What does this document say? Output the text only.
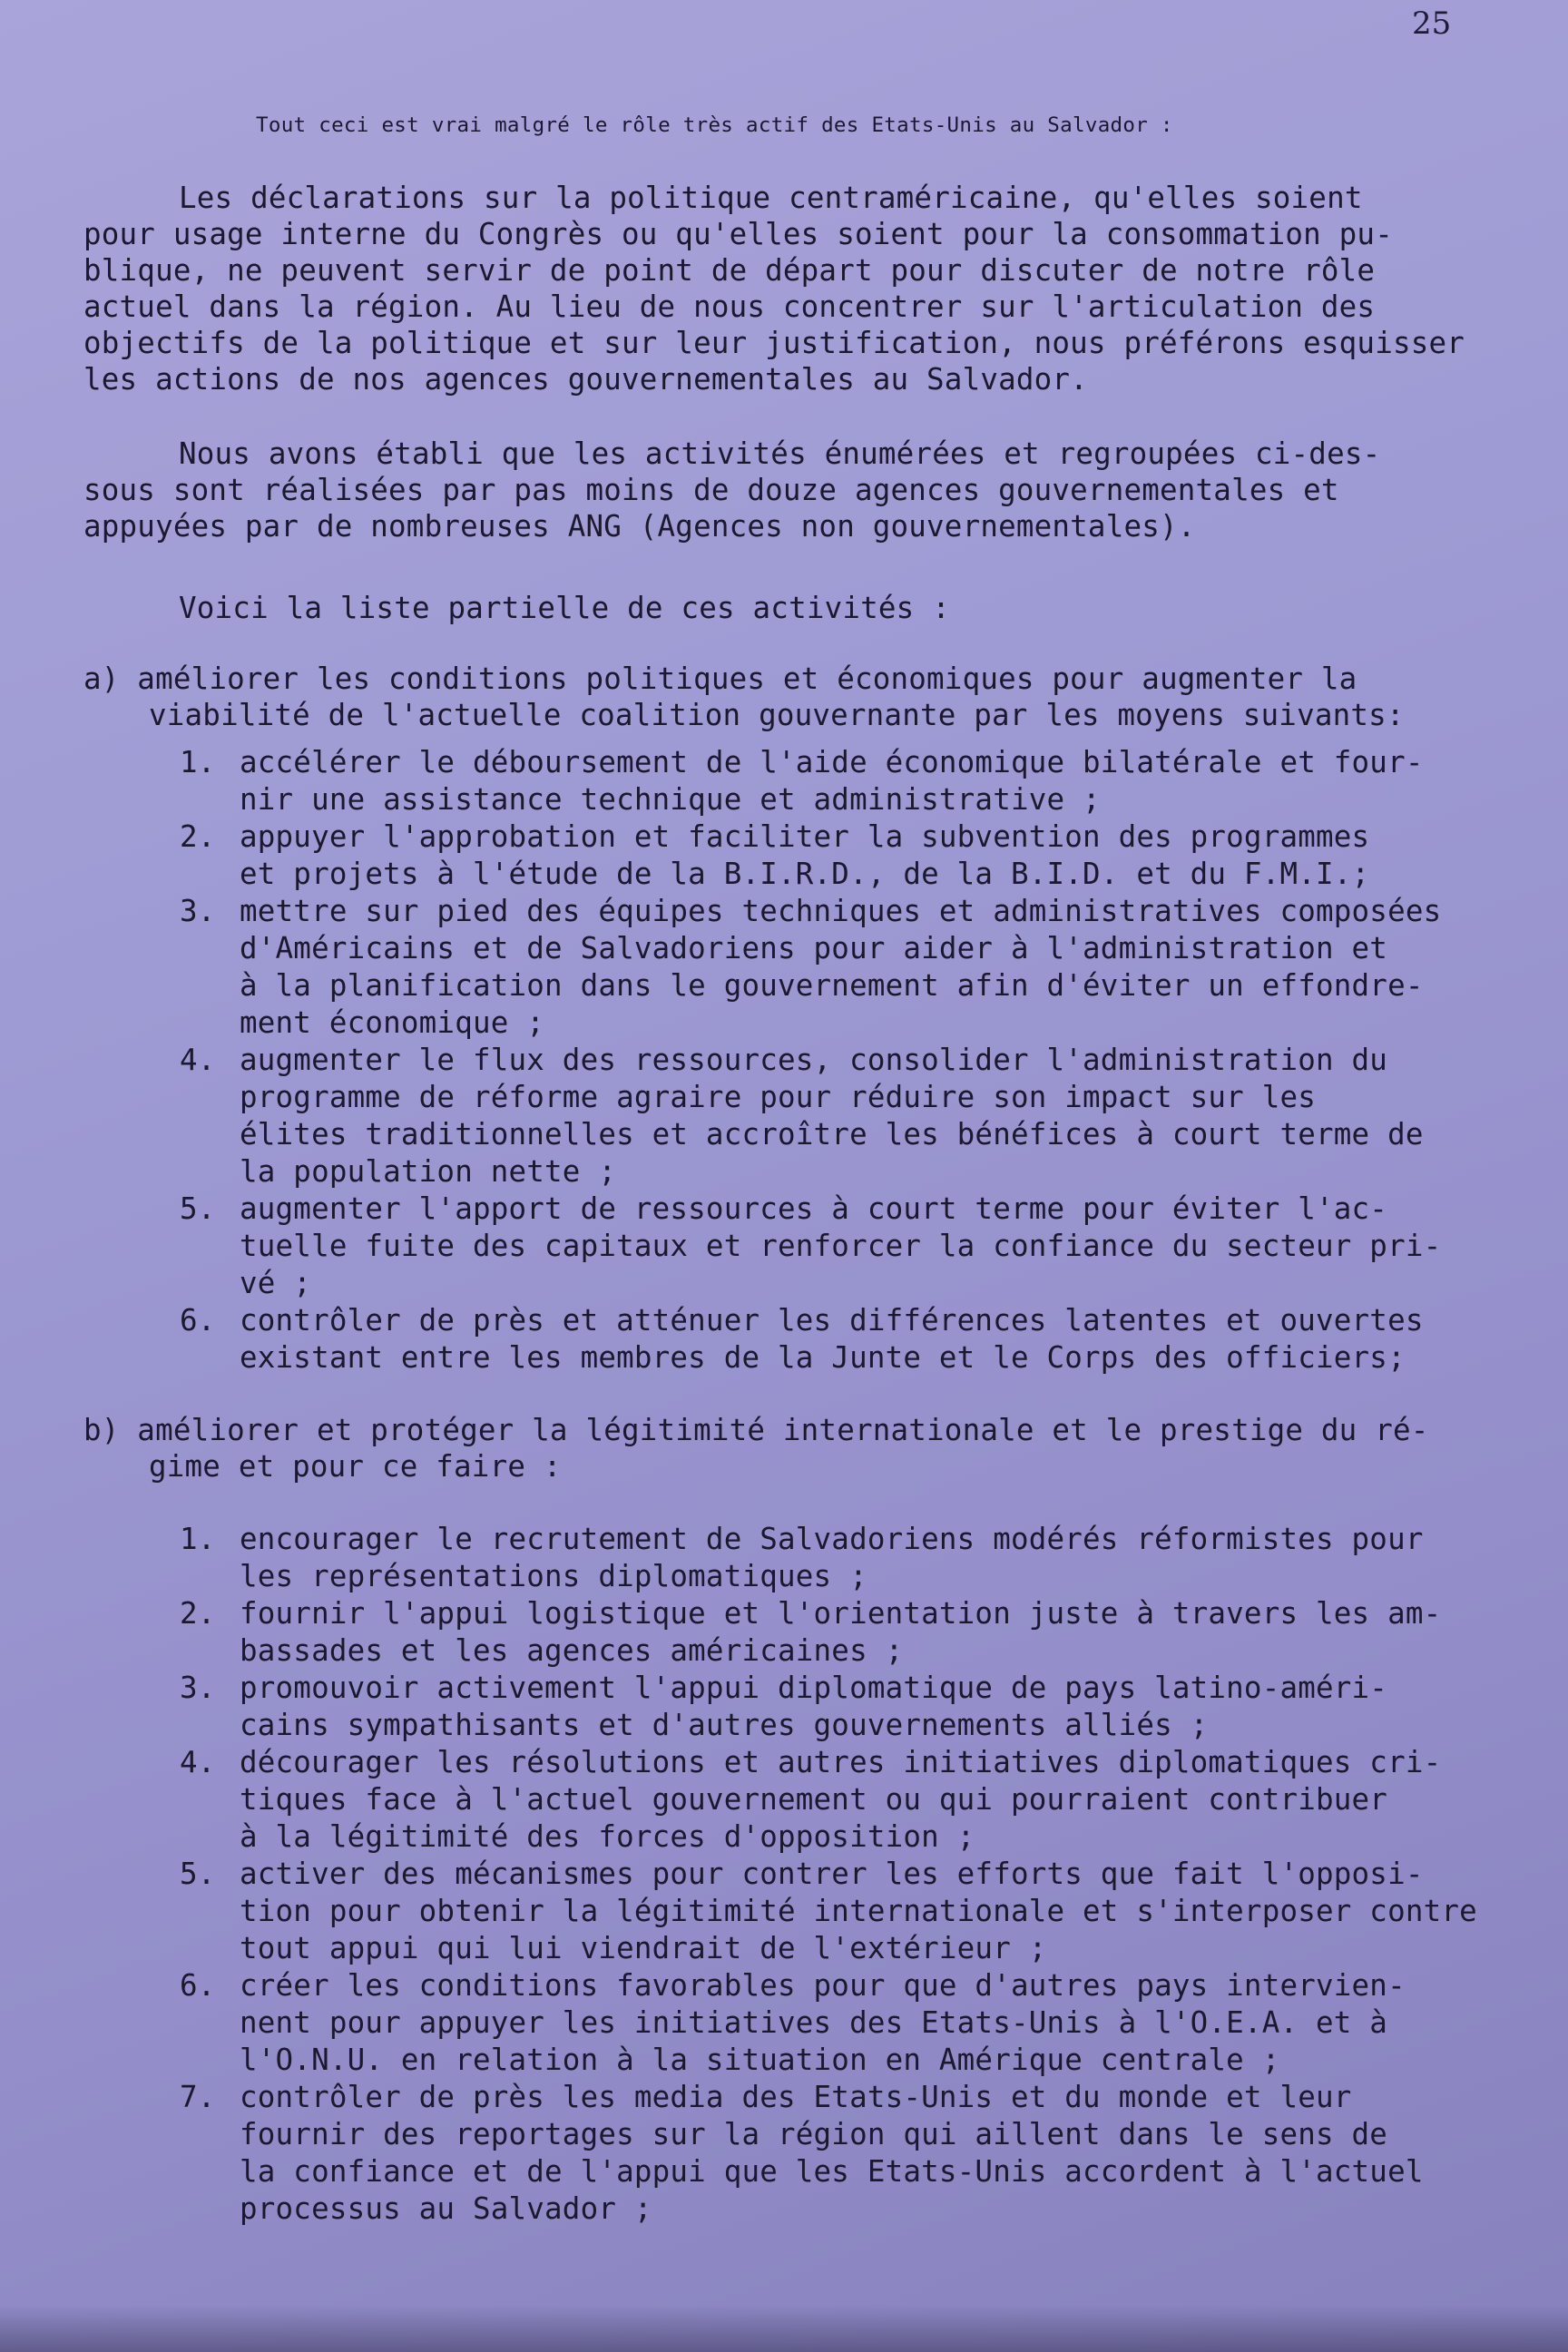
25
Tout ceci est vrai malgré le rôle très actif des Etats-Unis au Salvador :
Les déclarations sur la politique centraméricaine, qu'elles soient
pour usage interne du Congrès ou qu'elles soient pour la consommation pu-
blique, ne peuvent servir de point de départ pour discuter de notre rôle
actuel dans la région. Au lieu de nous concentrer sur l'articulation des
objectifs de la politique et sur leur justification, nous préférons esquisser
les actions de nos agences gouvernementales au Salvador.
Nous avons établi que les activités énumérées et regroupées ci-des-
sous sont réalisées par pas moins de douze agences gouvernementales et
appuyées par de nombreuses ANG (Agences non gouvernementales).
Voici la liste partielle de ces activités :
a) améliorer les conditions politiques et économiques pour augmenter la
viabilité de l'actuelle coalition gouvernante par les moyens suivants:
1. accélérer le déboursement de l'aide économique bilatérale et four-
nir une assistance technique et administrative ;
2. appuyer l'approbation et faciliter la subvention des programmes
et projets à l'étude de la B.I.R.D., de la B.I.D. et du F.M.I.;
3. mettre sur pied des équipes techniques et administratives composées
d'Américains et de Salvadoriens pour aider à l'administration et
à la planification dans le gouvernement afin d'éviter un effondre-
ment économique ;
4. augmenter le flux des ressources, consolider l'administration du
programme de réforme agraire pour réduire son impact sur les
élites traditionnelles et accroître les bénéfices à court terme de
la population nette ;
5. augmenter l'apport de ressources à court terme pour éviter l'ac-
tuelle fuite des capitaux et renforcer la confiance du secteur pri-
vé ;
6. contrôler de près et atténuer les différences latentes et ouvertes
existant entre les membres de la Junte et le Corps des officiers;
b) améliorer et protéger la légitimité internationale et le prestige du ré-
gime et pour ce faire :
1. encourager le recrutement de Salvadoriens modérés réformistes pour
les représentations diplomatiques ;
2. fournir l'appui logistique et l'orientation juste à travers les am-
bassades et les agences américaines ;
3. promouvoir activement l'appui diplomatique de pays latino-améri-
cains sympathisants et d'autres gouvernements alliés ;
4. décourager les résolutions et autres initiatives diplomatiques cri-
tiques face à l'actuel gouvernement ou qui pourraient contribuer
à la légitimité des forces d'opposition ;
5. activer des mécanismes pour contrer les efforts que fait l'opposi-
tion pour obtenir la légitimité internationale et s'interposer contre
tout appui qui lui viendrait de l'extérieur ;
6. créer les conditions favorables pour que d'autres pays intervien-
nent pour appuyer les initiatives des Etats-Unis à l'O.E.A. et à
l'O.N.U. en relation à la situation en Amérique centrale ;
7. contrôler de près les media des Etats-Unis et du monde et leur
fournir des reportages sur la région qui aillent dans le sens de
la confiance et de l'appui que les Etats-Unis accordent à l'actuel
processus au Salvador ;
